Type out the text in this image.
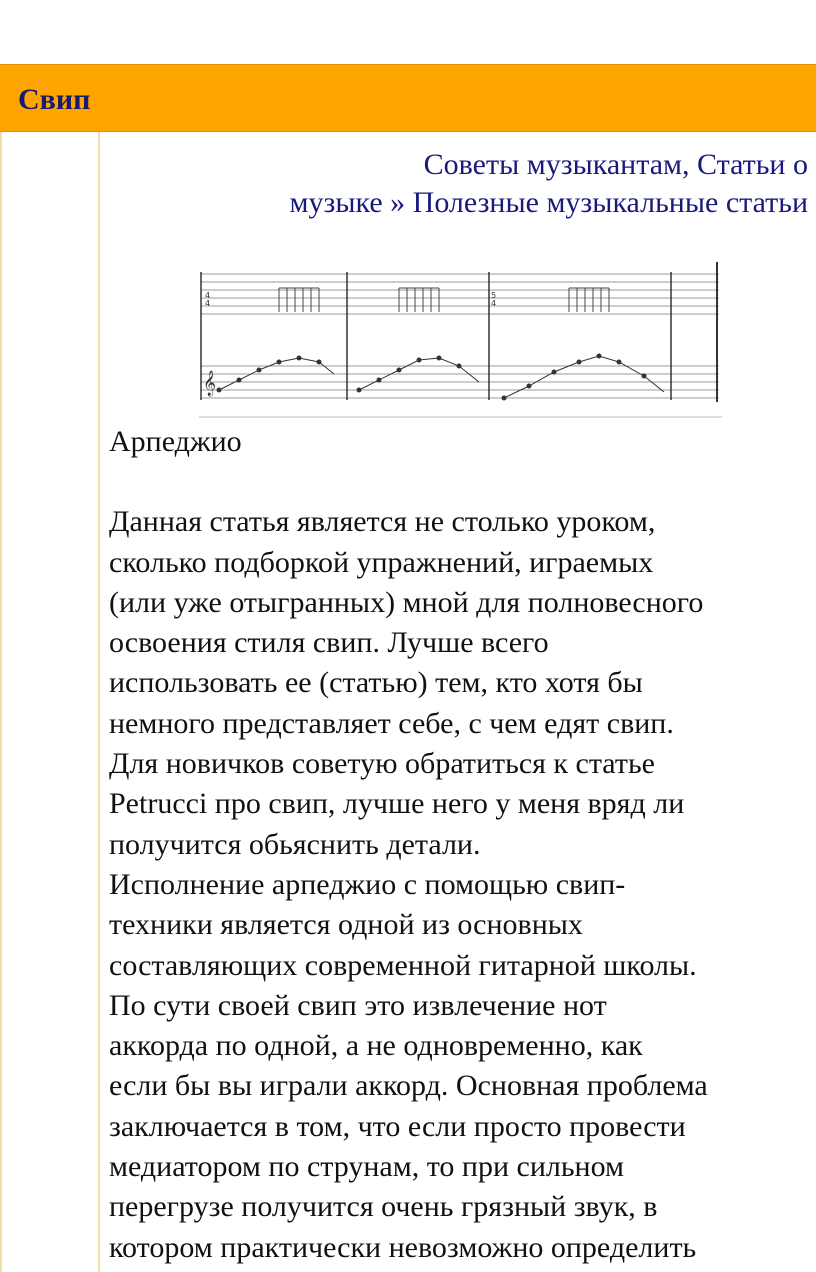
Свип
Советы музыкантам, Статьи о
музыке » Полезные музыкальные статьи
4
4
5
4
𝄞

Арпеджио

Данная статья является не столько уроком,

сколько подборкой упражнений, играемых

(или уже отыгранных) мной для полновесного

освоения стиля свип. Лучше всего

использовать ее (статью) тем, кто хотя бы

немного представляет себе, с чем едят свип.

Для новичков советую обратиться к статье

Petrucci про свип, лучше него у меня вряд ли

получится обьяснить детали.

Исполнение арпеджио с помощью свип-

техники является одной из основных

составляющих современной гитарной школы.

По сути своей свип это извлечение нот

аккорда по одной, а не одновременно, как

если бы вы играли аккорд. Основная проблема

заключается в том, что если просто провести

медиатором по струнам, то при сильном

перегрузе получится очень грязный звук, в

котором практически невозможно определить
